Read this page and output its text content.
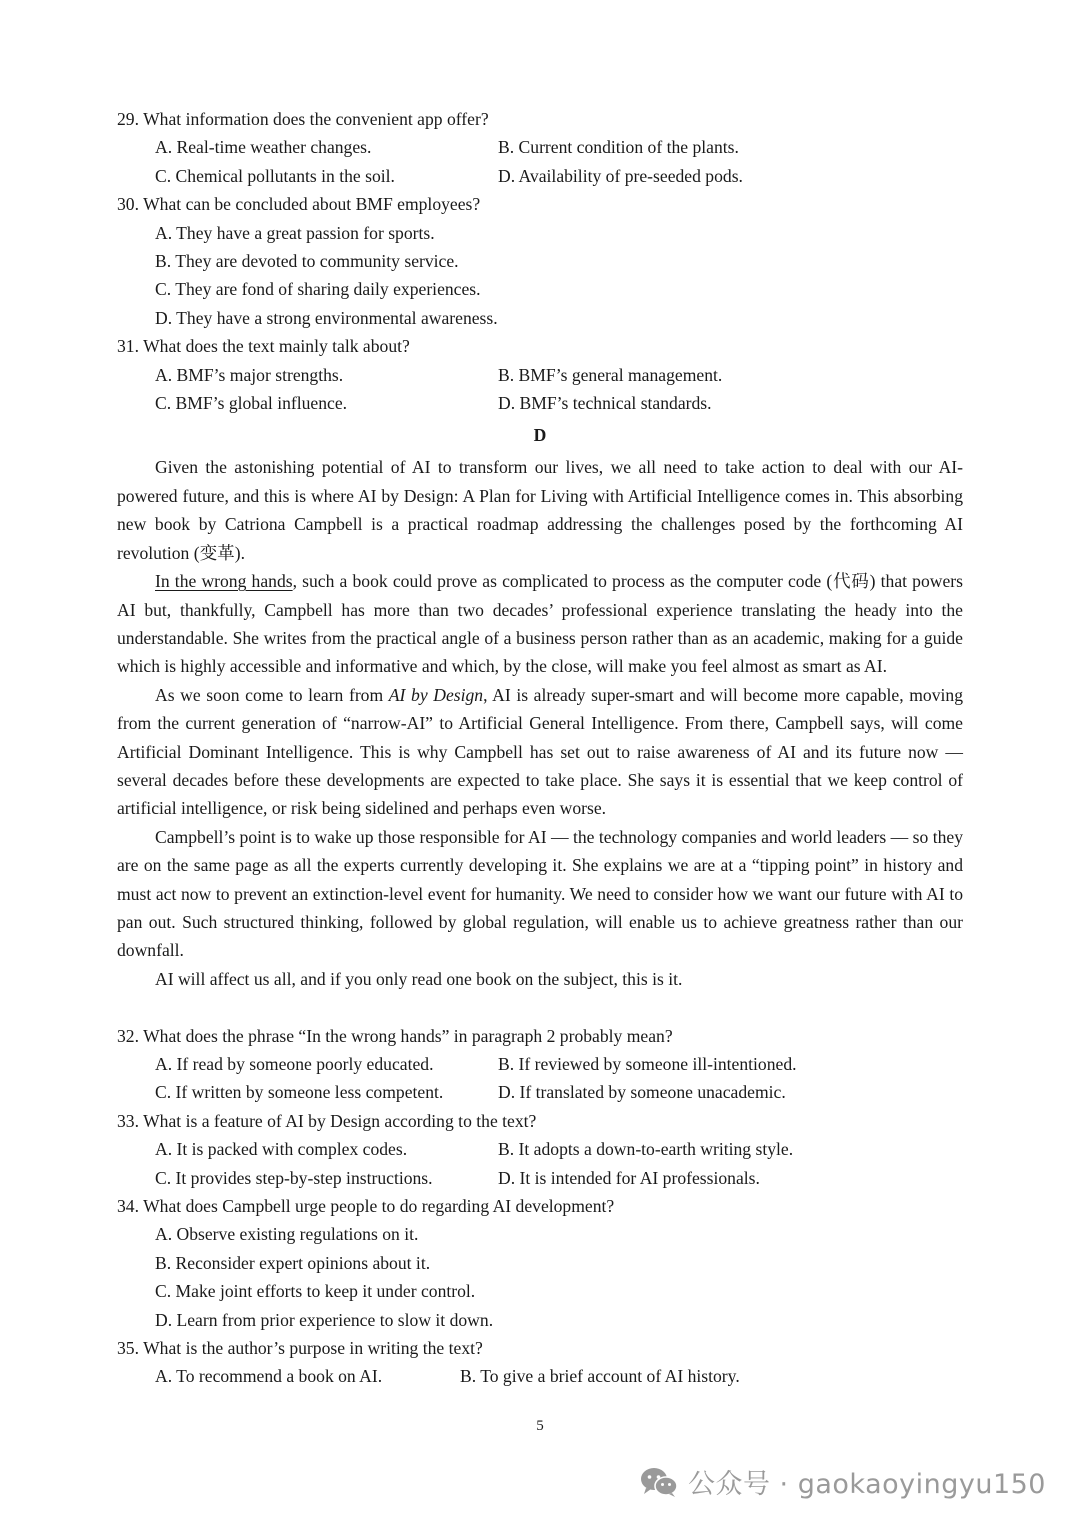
29. What information does the convenient app offer?
A. Real-time weather changes.	B. Current condition of the plants.
C. Chemical pollutants in the soil.	D. Availability of pre-seeded pods.
30. What can be concluded about BMF employees?
A. They have a great passion for sports.
B. They are devoted to community service.
C. They are fond of sharing daily experiences.
D. They have a strong environmental awareness.
31. What does the text mainly talk about?
A. BMF’s major strengths.	B. BMF’s general management.
C. BMF’s global influence.	D. BMF’s technical standards.
D

Given the astonishing potential of AI to transform our lives, we all need to take action to deal with our AI-powered future, and this is where AI by Design: A Plan for Living with Artificial Intelligence comes in. This absorbing new book by Catriona Campbell is a practical roadmap addressing the challenges posed by the forthcoming AI revolution (变革).

In the wrong hands, such a book could prove as complicated to process as the computer code (代码) that powers AI but, thankfully, Campbell has more than two decades’ professional experience translating the heady into the understandable. She writes from the practical angle of a business person rather than as an academic, making for a guide which is highly accessible and informative and which, by the close, will make you feel almost as smart as AI.

As we soon come to learn from AI by Design, AI is already super-smart and will become more capable, moving from the current generation of “narrow-AI” to Artificial General Intelligence. From there, Campbell says, will come Artificial Dominant Intelligence. This is why Campbell has set out to raise awareness of AI and its future now — several decades before these developments are expected to take place. She says it is essential that we keep control of artificial intelligence, or risk being sidelined and perhaps even worse.

Campbell’s point is to wake up those responsible for AI — the technology companies and world leaders — so they are on the same page as all the experts currently developing it. She explains we are at a “tipping point” in history and must act now to prevent an extinction-level event for humanity. We need to consider how we want our future with AI to pan out. Such structured thinking, followed by global regulation, will enable us to achieve greatness rather than our downfall.

AI will affect us all, and if you only read one book on the subject, this is it.

32. What does the phrase “In the wrong hands” in paragraph 2 probably mean?
A. If read by someone poorly educated.	B. If reviewed by someone ill-intentioned.
C. If written by someone less competent.	D. If translated by someone unacademic.
33. What is a feature of AI by Design according to the text?
A. It is packed with complex codes.	B. It adopts a down-to-earth writing style.
C. It provides step-by-step instructions.	D. It is intended for AI professionals.
34. What does Campbell urge people to do regarding AI development?
A. Observe existing regulations on it.
B. Reconsider expert opinions about it.
C. Make joint efforts to keep it under control.
D. Learn from prior experience to slow it down.
35. What is the author’s purpose in writing the text?
A. To recommend a book on AI.	B. To give a brief account of AI history.
5
公众号 · gaokaoyingyu150
